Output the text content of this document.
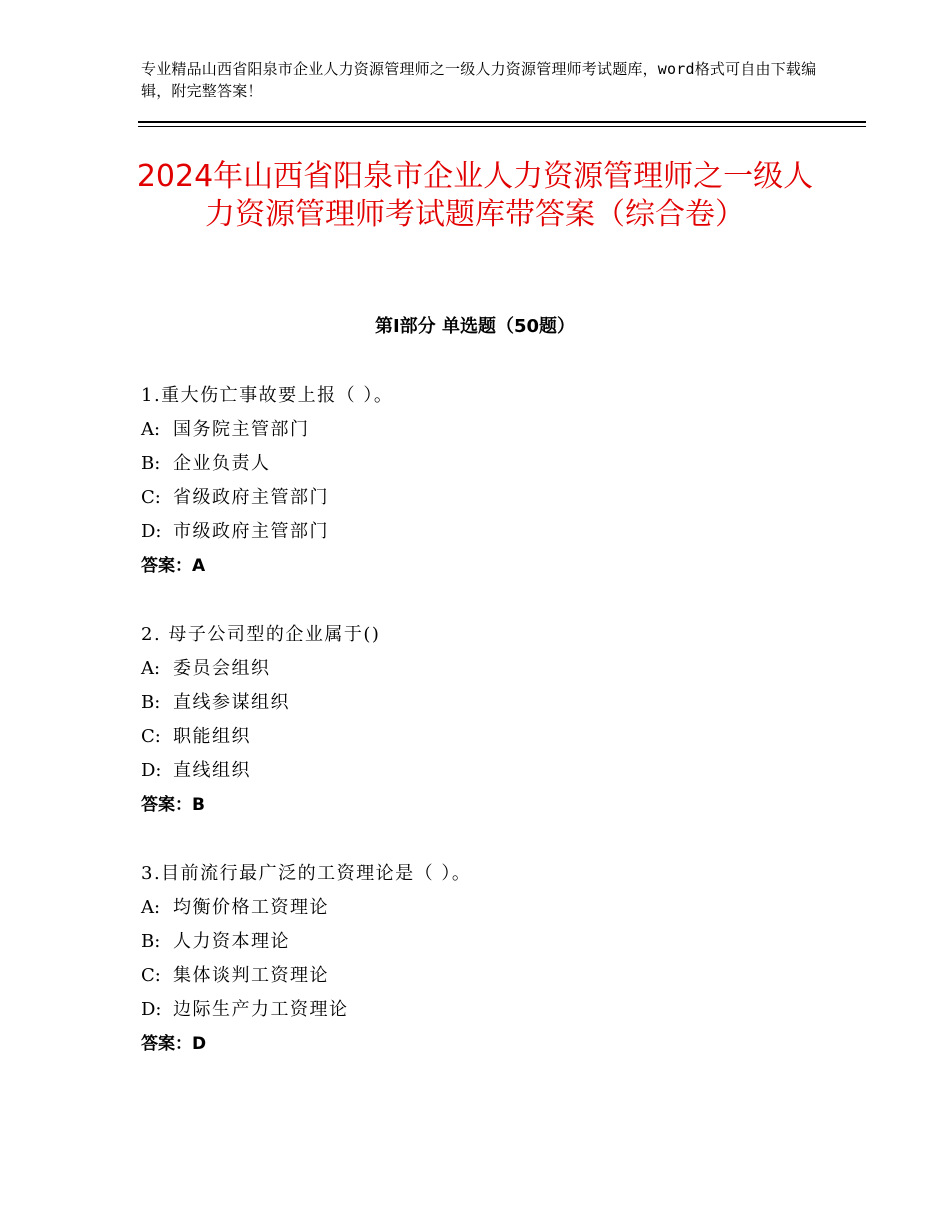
专业精品山西省阳泉市企业人力资源管理师之一级人力资源管理师考试题库，word格式可自由下载编辑，附完整答案！
2024年山西省阳泉市企业人力资源管理师之一级人力资源管理师考试题库带答案（综合卷）
第Ⅰ部分 单选题（50题）
1.重大伤亡事故要上报（ ）。
A: 国务院主管部门
B: 企业负责人
C: 省级政府主管部门
D: 市级政府主管部门
答案：A
2. 母子公司型的企业属于()
A: 委员会组织
B: 直线参谋组织
C: 职能组织
D: 直线组织
答案：B
3.目前流行最广泛的工资理论是（ ）。
A: 均衡价格工资理论
B: 人力资本理论
C: 集体谈判工资理论
D: 边际生产力工资理论
答案：D
